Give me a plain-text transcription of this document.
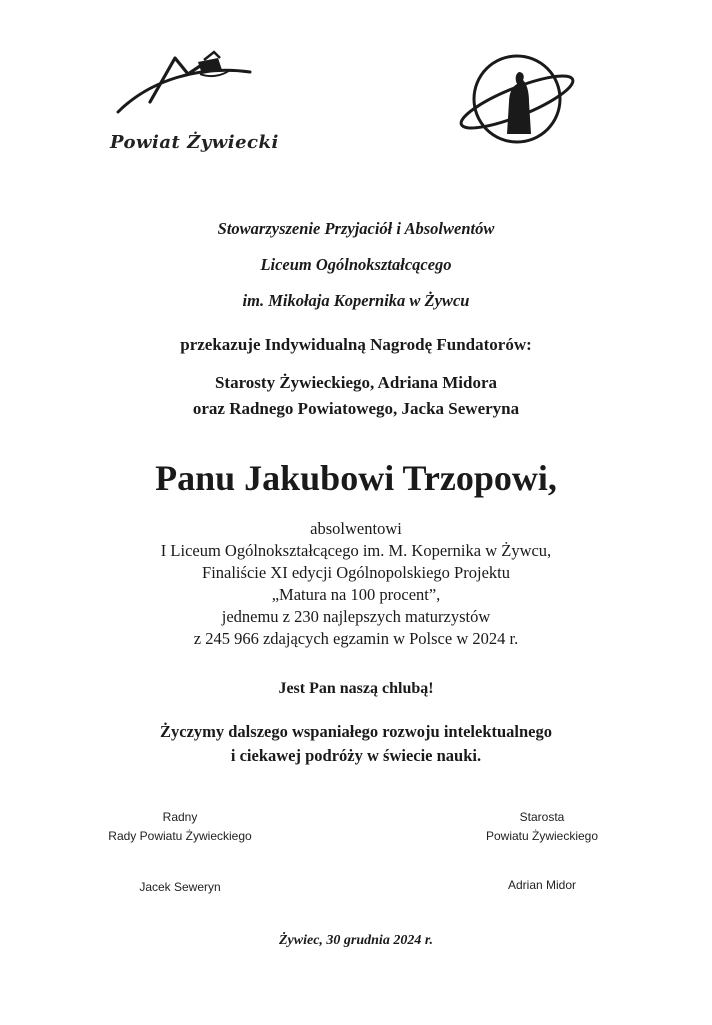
Powiat Żywiecki
Stowarzyszenie Przyjaciół i Absolwentów
Liceum Ogólnokształcącego
im. Mikołaja Kopernika w Żywcu
przekazuje Indywidualną Nagrodę Fundatorów:
Starosty Żywieckiego, Adriana Midora
oraz Radnego Powiatowego, Jacka Seweryna
Panu Jakubowi Trzopowi,
absolwentowi
I Liceum Ogólnokształcącego im. M. Kopernika w Żywcu,
Finaliście XI edycji Ogólnopolskiego Projektu
„Matura na 100 procent”,
jednemu z 230 najlepszych maturzystów
z 245 966 zdających egzamin w Polsce w 2024 r.
Jest Pan naszą chlubą!
Życzymy dalszego wspaniałego rozwoju intelektualnego
i ciekawej podróży w świecie nauki.
Radny
Rady Powiatu Żywieckiego
Jacek Seweryn
Starosta
Powiatu Żywieckiego
Adrian Midor
Żywiec, 30 grudnia 2024 r.
